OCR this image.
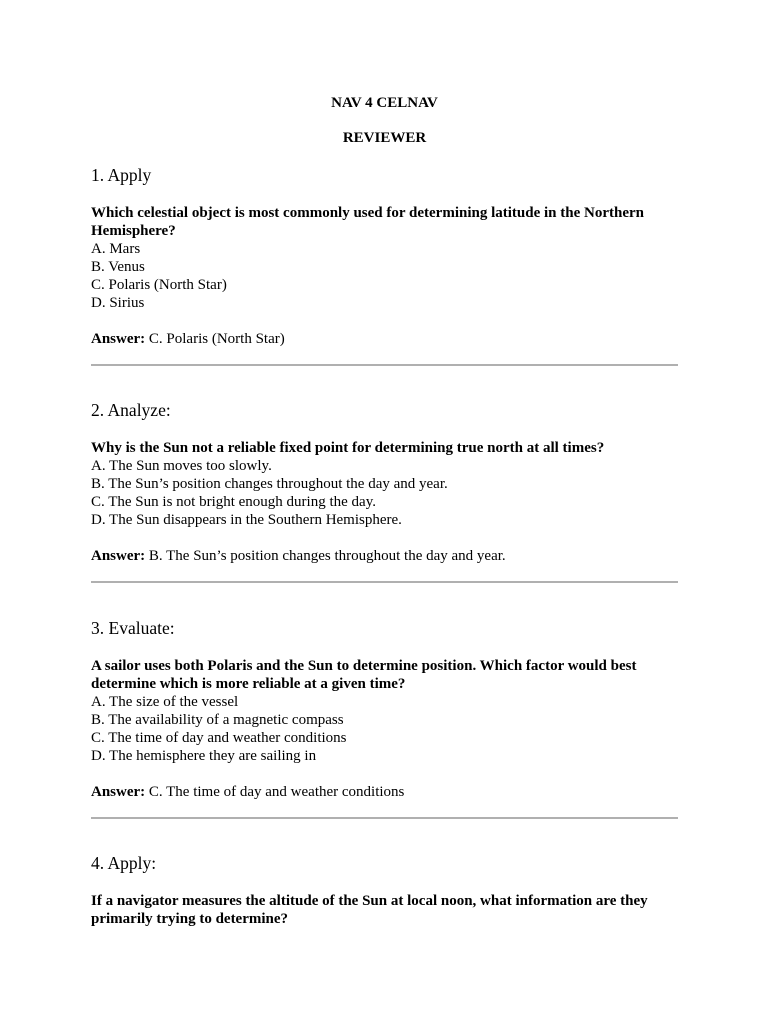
NAV 4 CELNAV
REVIEWER
1. Apply
Which celestial object is most commonly used for determining latitude in the Northern Hemisphere?
A. Mars
B. Venus
C. Polaris (North Star)
D. Sirius
Answer: C. Polaris (North Star)
2. Analyze:
Why is the Sun not a reliable fixed point for determining true north at all times?
A. The Sun moves too slowly.
B. The Sun’s position changes throughout the day and year.
C. The Sun is not bright enough during the day.
D. The Sun disappears in the Southern Hemisphere.
Answer: B. The Sun’s position changes throughout the day and year.
3. Evaluate:
A sailor uses both Polaris and the Sun to determine position. Which factor would best determine which is more reliable at a given time?
A. The size of the vessel
B. The availability of a magnetic compass
C. The time of day and weather conditions
D. The hemisphere they are sailing in
Answer: C. The time of day and weather conditions
4. Apply:
If a navigator measures the altitude of the Sun at local noon, what information are they primarily trying to determine?
